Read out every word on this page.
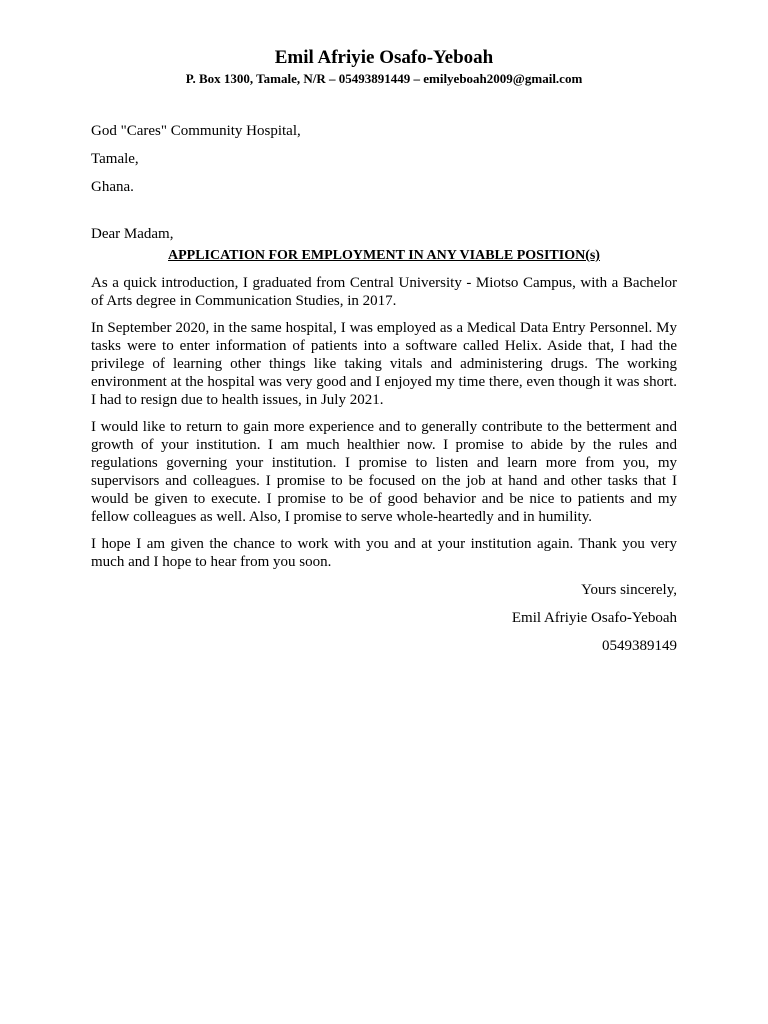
Emil Afriyie Osafo-Yeboah

P. Box 1300, Tamale, N/R – 05493891449 – emilyeboah2009@gmail.com

God "Cares" Community Hospital,

Tamale,

Ghana.

Dear Madam,

APPLICATION FOR EMPLOYMENT IN ANY VIABLE POSITION(s)

As a quick introduction, I graduated from Central University - Miotso Campus, with a Bachelor of Arts degree in Communication Studies, in 2017.

In September 2020, in the same hospital, I was employed as a Medical Data Entry Personnel. My tasks were to enter information of patients into a software called Helix. Aside that, I had the privilege of learning other things like taking vitals and administering drugs. The working environment at the hospital was very good and I enjoyed my time there, even though it was short. I had to resign due to health issues, in July 2021.

I would like to return to gain more experience and to generally contribute to the betterment and growth of your institution. I am much healthier now. I promise to abide by the rules and regulations governing your institution. I promise to listen and learn more from you, my supervisors and colleagues. I promise to be focused on the job at hand and other tasks that I would be given to execute. I promise to be of good behavior and be nice to patients and my fellow colleagues as well. Also, I promise to serve whole-heartedly and in humility.

I hope I am given the chance to work with you and at your institution again. Thank you very much and I hope to hear from you soon.

Yours sincerely,

Emil Afriyie Osafo-Yeboah

0549389149
